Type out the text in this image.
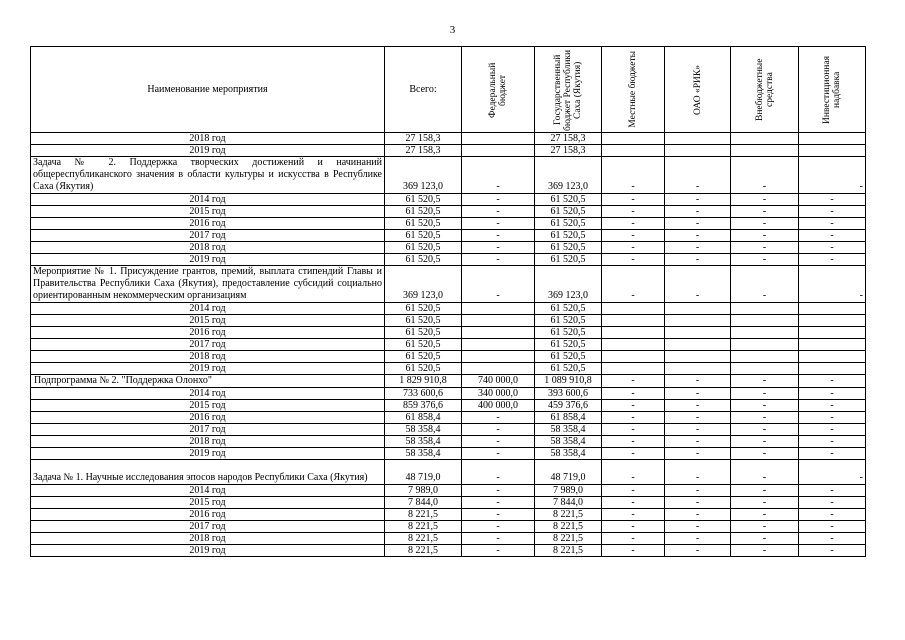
3
Наименование мероприятия	Всего:	Федеральный бюджет	Государственный бюджет Республики Саха (Якутия)	Местные бюджеты	ОАО «РИК»	Внебюджетные средства	Инвестиционная надбавка

2018 год	27 158,3		27 158,3				
2019 год	27 158,3		27 158,3				
Задача № 2. Поддержка творческих достижений и начинаний общереспубликанского значения в области культуры и искусства в Республике Саха (Якутия)	369 123,0	-	369 123,0	-	-	-	-
2014 год	61 520,5	-	61 520,5	-	-	-	-
2015 год	61 520,5	-	61 520,5	-	-	-	-
2016 год	61 520,5	-	61 520,5	-	-	-	-
2017 год	61 520,5	-	61 520,5	-	-	-	-
2018 год	61 520,5	-	61 520,5	-	-	-	-
2019 год	61 520,5	-	61 520,5	-	-	-	-
Мероприятие № 1. Присуждение грантов, премий, выплата стипендий Главы и Правительства Республики Саха (Якутия), предоставление субсидий социально ориентированным некоммерческим организациям	369 123,0	-	369 123,0	-	-	-	-
2014 год	61 520,5		61 520,5				
2015 год	61 520,5		61 520,5				
2016 год	61 520,5		61 520,5				
2017 год	61 520,5		61 520,5				
2018 год	61 520,5		61 520,5				
2019 год	61 520,5		61 520,5				
Подпрограмма № 2. "Поддержка Олонхо"	1 829 910,8	740 000,0	1 089 910,8	-	-	-	-
2014 год	733 600,6	340 000,0	393 600,6	-	-	-	-
2015 год	859 376,6	400 000,0	459 376,6	-	-	-	-
2016 год	61 858,4	-	61 858,4	-	-	-	-
2017 год	58 358,4	-	58 358,4	-	-	-	-
2018 год	58 358,4	-	58 358,4	-	-	-	-
2019 год	58 358,4	-	58 358,4	-	-	-	-
Задача № 1. Научные исследования эпосов народов Республики Саха (Якутия)	48 719,0	-	48 719,0	-	-	-	-
2014 год	7 989,0	-	7 989,0	-	-	-	-
2015 год	7 844,0	-	7 844,0	-	-	-	-
2016 год	8 221,5	-	8 221,5	-	-	-	-
2017 год	8 221,5	-	8 221,5	-	-	-	-
2018 год	8 221,5	-	8 221,5	-	-	-	-
2019 год	8 221,5	-	8 221,5	-	-	-	-
